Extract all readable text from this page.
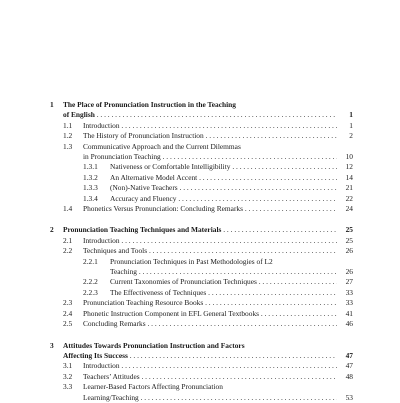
1 The Place of Pronunciation Instruction in the Teaching
of English . . .	1
1.1 Introduction . . .	1
1.2 The History of Pronunciation Instruction . . .	2
1.3 Communicative Approach and the Current Dilemmas
in Pronunciation Teaching . . .	10
1.3.1 Nativeness or Comfortable Intelligibility . . .	12
1.3.2 An Alternative Model Accent . . .	14
1.3.3 (Non)-Native Teachers . . .	21
1.3.4 Accuracy and Fluency . . .	22
1.4 Phonetics Versus Pronunciation: Concluding Remarks . . .	24
2 Pronunciation Teaching Techniques and Materials . . .	25
2.1 Introduction . . .	25
2.2 Techniques and Tools . . .	26
2.2.1 Pronunciation Techniques in Past Methodologies of L2
Teaching . . .	26
2.2.2 Current Taxonomies of Pronunciation Techniques . . .	27
2.2.3 The Effectiveness of Techniques . . .	33
2.3 Pronunciation Teaching Resource Books . . .	33
2.4 Phonetic Instruction Component in EFL General Textbooks . . .	41
2.5 Concluding Remarks . . .	46
3 Attitudes Towards Pronunciation Instruction and Factors
Affecting Its Success . . .	47
3.1 Introduction . . .	47
3.2 Teachers’ Attitudes . . .	48
3.3 Learner-Based Factors Affecting Pronunciation
Learning/Teaching . . .	53
